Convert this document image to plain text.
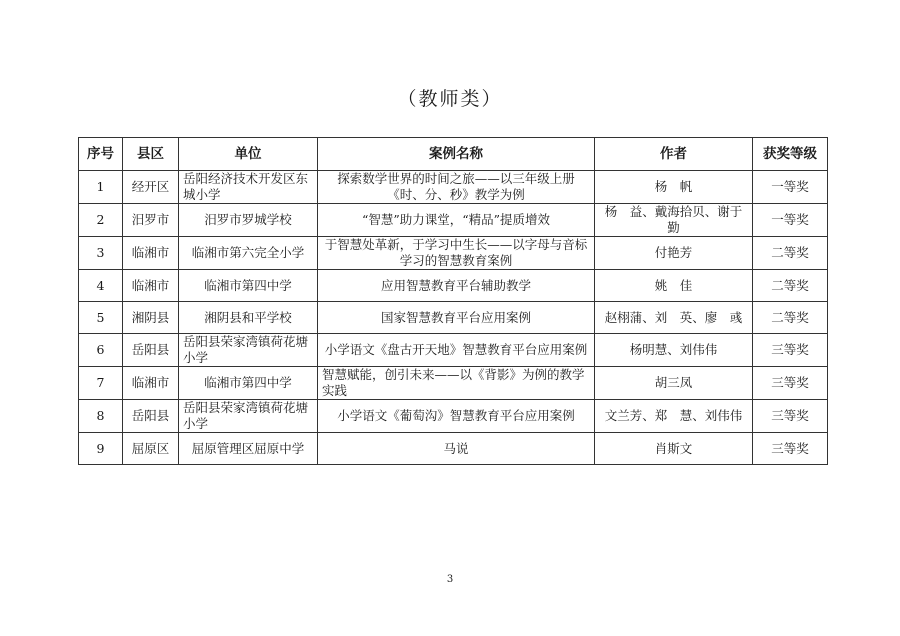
（教师类）
序号	县区	单位	案例名称	作者	获奖等级
1	经开区	岳阳经济技术开发区东城小学	探索数学世界的时间之旅——以三年级上册《时、分、秒》教学为例	杨　帆	一等奖
2	汨罗市	汨罗市罗城学校	“智慧”助力课堂，“精品”提质增效	杨　益、戴海拾贝、谢于勤	一等奖
3	临湘市	临湘市第六完全小学	于智慧处革新，于学习中生长——以字母与音标学习的智慧教育案例	付艳芳	二等奖
4	临湘市	临湘市第四中学	应用智慧教育平台辅助教学	姚　佳	二等奖
5	湘阴县	湘阴县和平学校	国家智慧教育平台应用案例	赵栩蒲、刘　英、廖　彧	二等奖
6	岳阳县	岳阳县荣家湾镇荷花塘小学	小学语文《盘古开天地》智慧教育平台应用案例	杨明慧、刘伟伟	三等奖
7	临湘市	临湘市第四中学	智慧赋能，创引未来——以《背影》为例的教学实践	胡三凤	三等奖
8	岳阳县	岳阳县荣家湾镇荷花塘小学	小学语文《葡萄沟》智慧教育平台应用案例	文兰芳、郑　慧、刘伟伟	三等奖
9	屈原区	屈原管理区屈原中学	马说	肖斯文	三等奖
3
